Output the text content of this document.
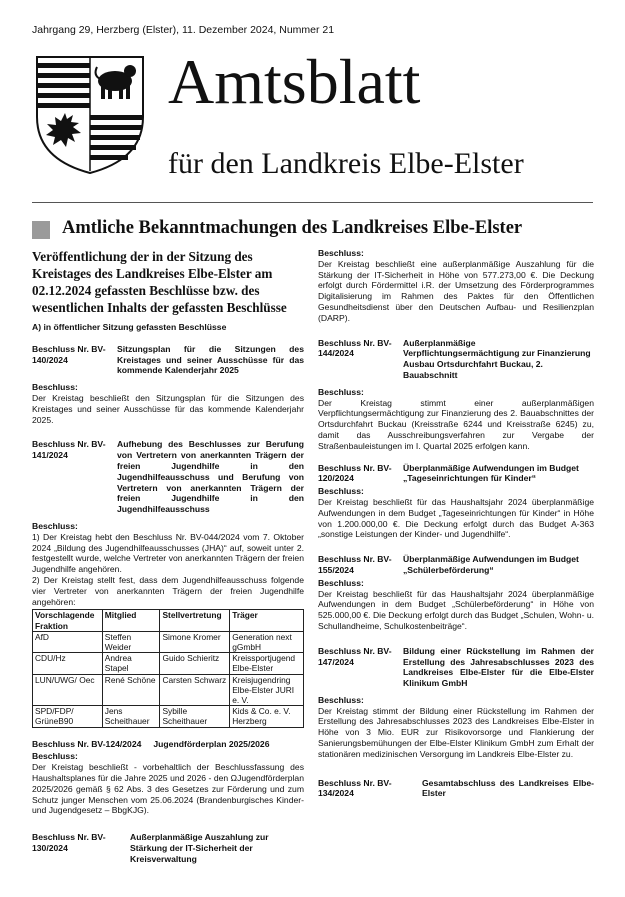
Jahrgang 29, Herzberg (Elster), 11. Dezember 2024, Nummer 21
Amtsblatt
für den Landkreis Elbe-Elster
Amtliche Bekanntmachungen des Landkreises Elbe-Elster

Veröffentlichung der in der Sitzung des Kreistages des Landkreises Elbe-Elster am 02.12.2024 gefassten Beschlüsse bzw. des wesentlichen Inhalts der gefassten Beschlüsse

A) in öffentlicher Sitzung gefassten Beschlüsse

Beschluss Nr. BV-140/2024
Sitzungsplan für die Sitzungen des Kreistages und seiner Ausschüsse für das kommende Kalenderjahr 2025

Beschluss:

Der Kreistag beschließt den Sitzungsplan für die Sitzungen des Kreistages und seiner Ausschüsse für das kommende Kalenderjahr 2025.

Beschluss Nr. BV-141/2024
Aufhebung des Beschlusses zur Berufung von Vertretern von anerkannten Trägern der freien Jugendhilfe in den Jugendhilfeausschuss und Berufung von Vertretern von anerkannten Trägern der freien Jugendhilfe in den Jugendhilfeausschuss

Beschluss:

1) Der Kreistag hebt den Beschluss Nr. BV-044/2024 vom 7. Oktober 2024 „Bildung des Jugendhilfeausschusses (JHA)“ auf, soweit unter 2. festgestellt wurde, welche Vertreter von anerkannten Trägern der freien Jugendhilfe angehören.

2) Der Kreistag stellt fest, dass dem Jugendhilfeausschuss folgende vier Vertreter von anerkannten Trägern der freien Jugendhilfe angehören:

Vorschlagende Fraktion	Mitglied	Stellvertretung	Träger
AfD	Steffen Weider	Simone Kromer	Generation next gGmbH
CDU/Hz	Andrea Stapel	Guido Schieritz	Kreissportjugend Elbe-Elster
LUN/UWG/ Oec	René Schöne	Carsten Schwarz	Kreisjugendring Elbe-Elster JURI e. V.
SPD/FDP/ GrüneB90	Jens Scheithauer	Sybille Scheithauer	Kids & Co. e. V. Herzberg

Beschluss Nr. BV-124/2024 Jugendförderplan 2025/2026

Beschluss:

Der Kreistag beschließt - vorbehaltlich der Beschlussfassung des Haushaltsplanes für die Jahre 2025 und 2026 - den ΩJugendförderplan 2025/2026 gemäß § 62 Abs. 3 des Gesetzes zur Förderung und zum Schutz junger Menschen vom 25.06.2024 (Brandenburgisches Kinder- und Jugendgesetz – BbgKJG).

Beschluss Nr. BV-130/2024
Außerplanmäßige Auszahlung zur Stärkung der IT-Sicherheit der Kreisverwaltung

Beschluss:

Der Kreistag beschließt eine außerplanmäßige Auszahlung für die Stärkung der IT-Sicherheit in Höhe von 577.273,00 €. Die Deckung erfolgt durch Fördermittel i.R. der Umsetzung des Förderprogrammes Digitalisierung im Rahmen des Paktes für den Öffentlichen Gesundheitsdienst über den Deutschen Aufbau- und Resilienzplan (DARP).

Beschluss Nr. BV-144/2024
Außerplanmäßige Verpflichtungsermächtigung zur Finanzierung Ausbau Ortsdurchfahrt Buckau, 2. Bauabschnitt

Beschluss:

Der Kreistag stimmt einer außerplanmäßigen Verpflichtungsermächtigung zur Finanzierung des 2. Bauabschnittes der Ortsdurchfahrt Buckau (Kreisstraße 6244 und Kreisstraße 6245) zu, damit das Ausschreibungsverfahren zur Vergabe der Straßenbauleistungen im I. Quartal 2025 erfolgen kann.

Beschluss Nr. BV-120/2024
Überplanmäßige Aufwendungen im Budget „Tageseinrichtungen für Kinder“

Beschluss:

Der Kreistag beschließt für das Haushaltsjahr 2024 überplanmäßige Aufwendungen in dem Budget „Tageseinrichtungen für Kinder“ in Höhe von 1.200.000,00 €. Die Deckung erfolgt durch das Budget A-363 „sonstige Leistungen der Kinder- und Jugendhilfe“.

Beschluss Nr. BV-155/2024
Überplanmäßige Aufwendungen im Budget „Schülerbeförderung“

Beschluss:

Der Kreistag beschließt für das Haushaltsjahr 2024 überplanmäßige Aufwendungen in dem Budget „Schülerbeförderung“ in Höhe von 525.000,00 €. Die Deckung erfolgt durch das Budget „Schulen, Wohn- u. Schullandheime, Schulkostenbeiträge“.

Beschluss Nr. BV-147/2024
Bildung einer Rückstellung im Rahmen der Erstellung des Jahresabschlusses 2023 des Landkreises Elbe-Elster für die Elbe-Elster Klinikum GmbH

Beschluss:

Der Kreistag stimmt der Bildung einer Rückstellung im Rahmen der Erstellung des Jahresabschlusses 2023 des Landkreises Elbe-Elster in Höhe von 3 Mio. EUR zur Risikovorsorge und Flankierung der Sanierungsbemühungen der Elbe-Elster Klinikum GmbH zum Erhalt der stationären medizinischen Versorgung im Landkreis Elbe-Elster zu.

Beschluss Nr. BV-134/2024
Gesamtabschluss des Landkreises Elbe-Elster
